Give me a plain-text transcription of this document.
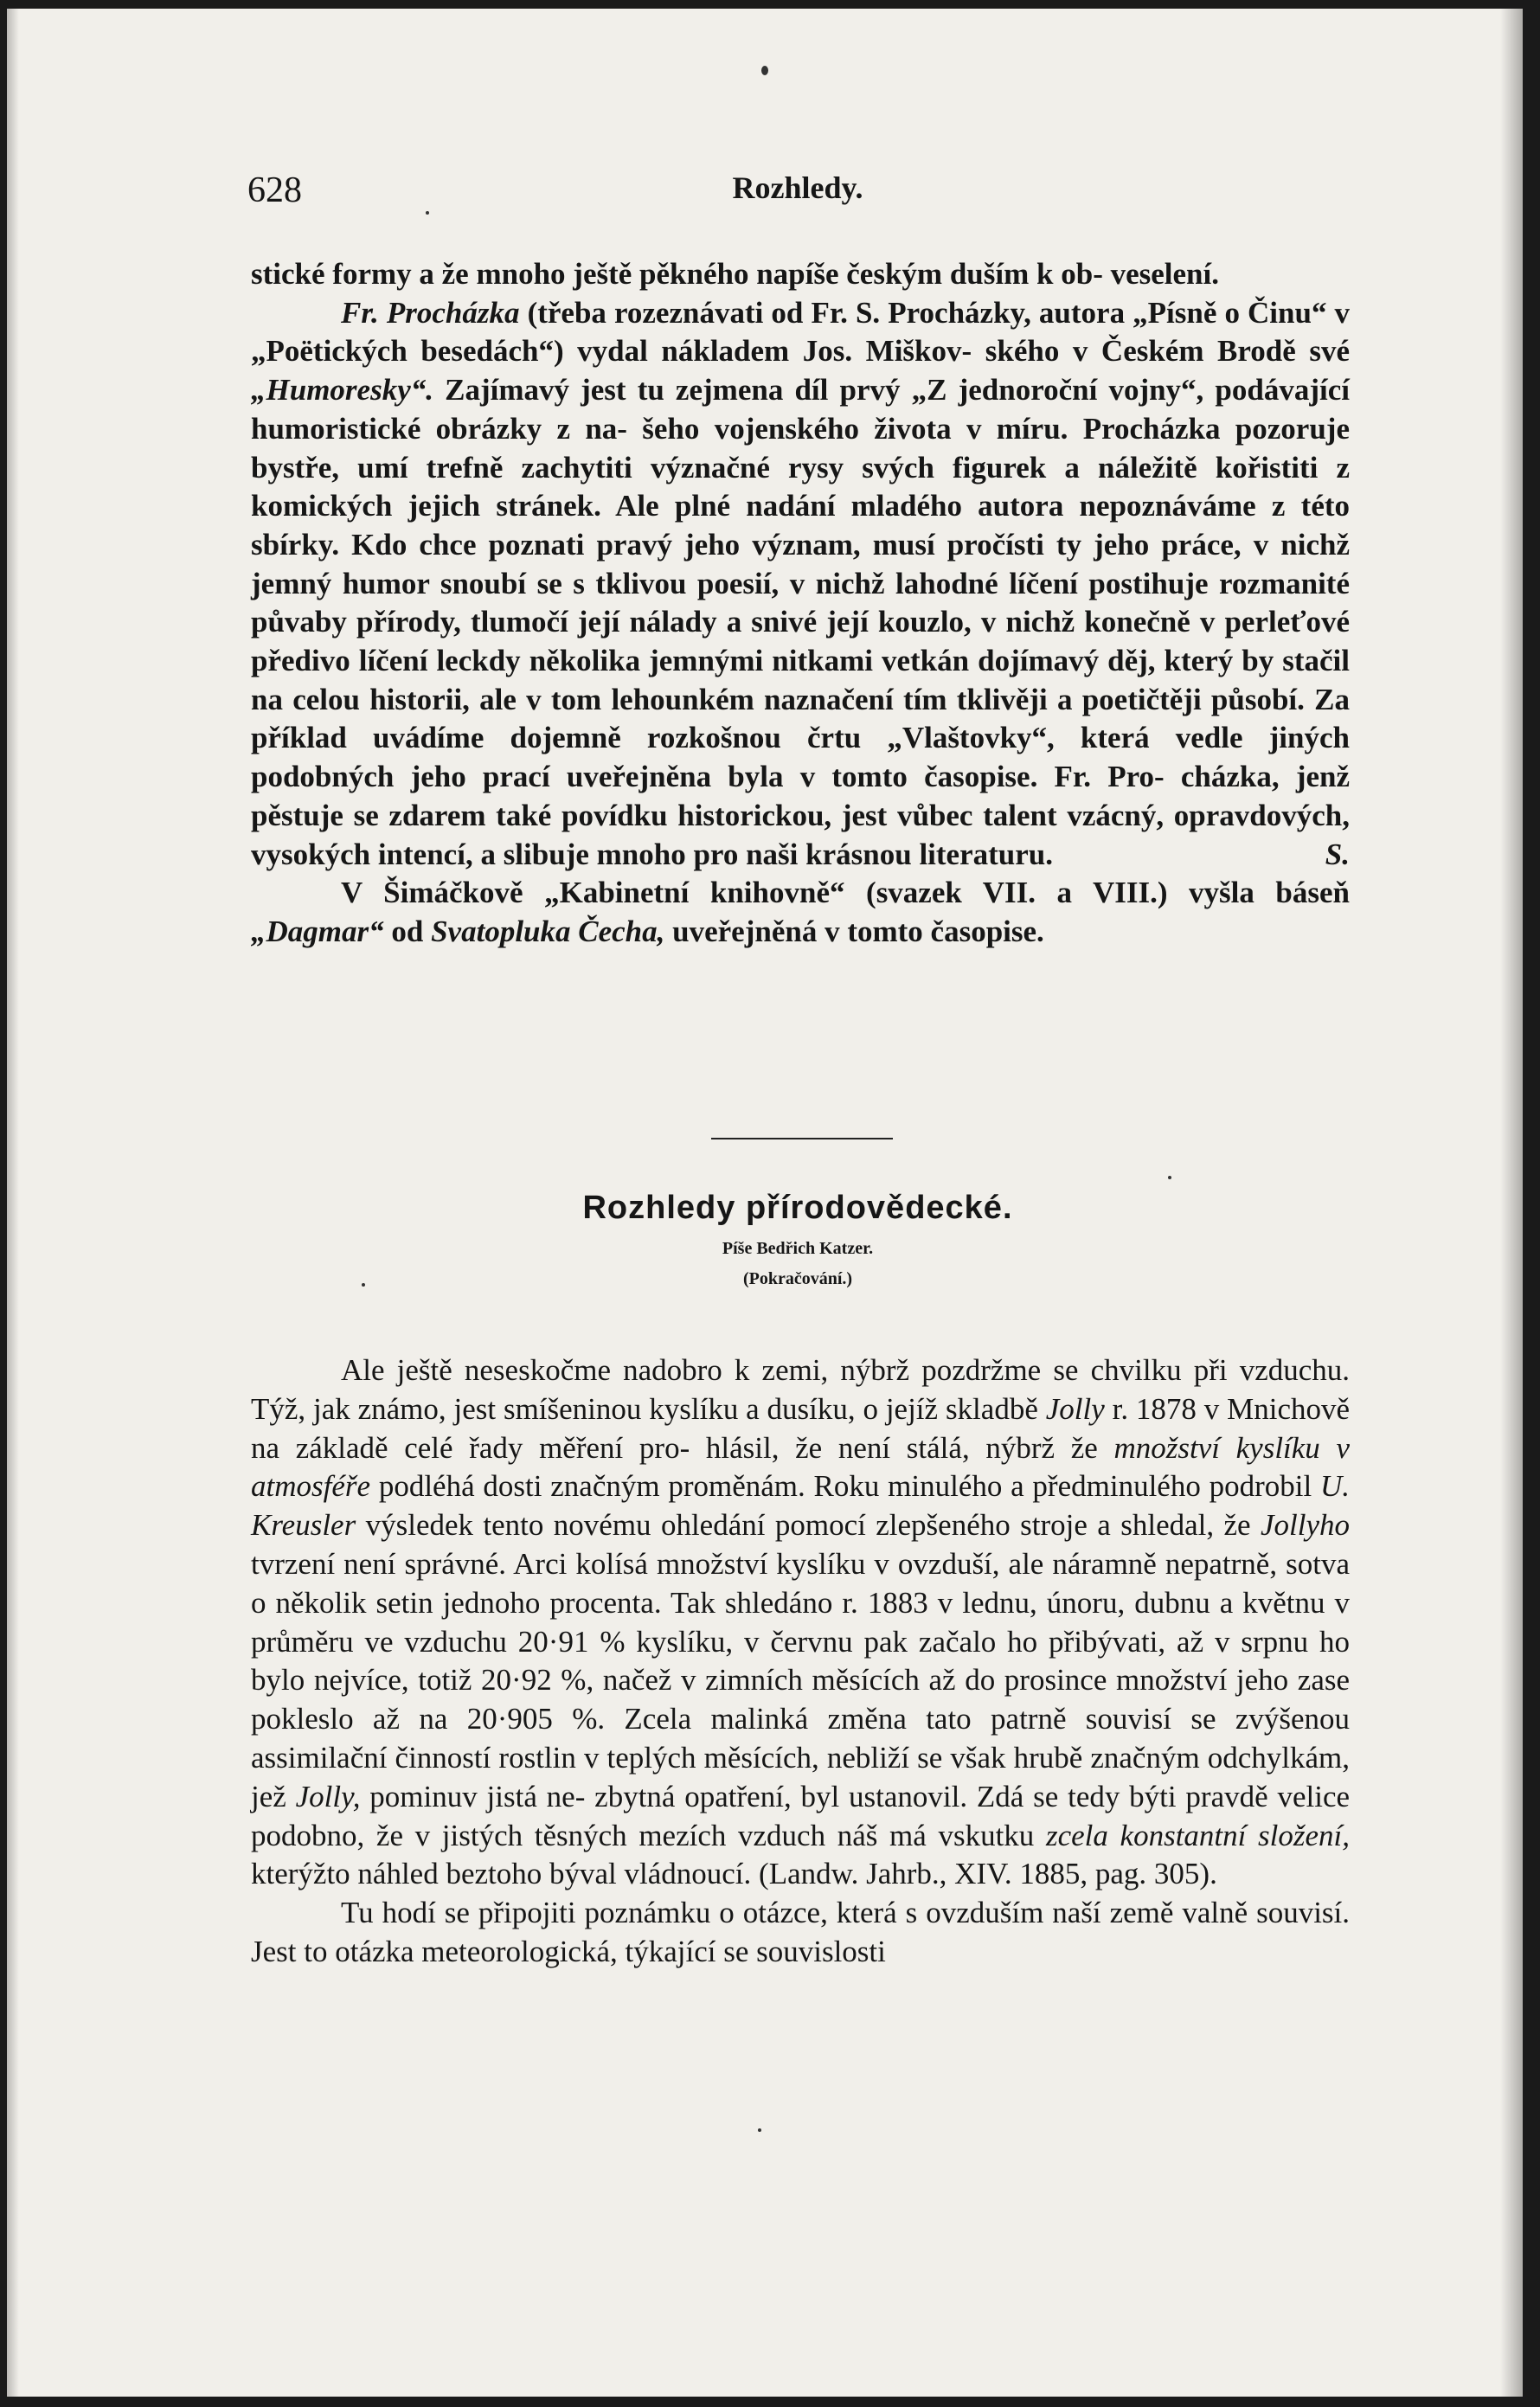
628	Rozhledy.

stické formy a že mnoho ještě pěkného napíše českým duším k ob- veselení.

Fr. Procházka (třeba rozeznávati od Fr. S. Procházky, autora „Písně o Činu“ v „Poëtických besedách“) vydal nákladem Jos. Miškov- ského v Českém Brodě své „Humoresky“. Zajímavý jest tu zejmena díl prvý „Z jednoroční vojny“, podávající humoristické obrázky z na- šeho vojenského života v míru. Procházka pozoruje bystře, umí trefně zachytiti význačné rysy svých figurek a náležitě kořistiti z komických jejich stránek. Ale plné nadání mladého autora nepoznáváme z této sbírky. Kdo chce poznati pravý jeho význam, musí pročísti ty jeho práce, v nichž jemný humor snoubí se s tklivou poesií, v nichž lahodné líčení postihuje rozmanité půvaby přírody, tlumočí její nálady a snivé její kouzlo, v nichž konečně v perleťové předivo líčení leckdy několika jemnými nitkami vetkán dojímavý děj, který by stačil na celou historii, ale v tom lehounkém naznačení tím tklivěji a poetičtěji působí. Za příklad uvádíme dojemně rozkošnou črtu „Vlaštovky“, která vedle jiných podobných jeho prací uveřejněna byla v tomto časopise. Fr. Pro- cházka, jenž pěstuje se zdarem také povídku historickou, jest vůbec talent vzácný, opravdových, vysokých intencí, a slibuje mnoho pro naši krásnou literaturu.	S.

V Šimáčkově „Kabinetní knihovně“ (svazek VII. a VIII.) vyšla báseň „Dagmar“ od Svatopluka Čecha, uveřejněná v tomto časopise.

Rozhledy přírodovědecké.
Píše Bedřich Katzer.
(Pokračování.)

Ale ještě neseskočme nadobro k zemi, nýbrž pozdržme se chvilku při vzduchu. Týž, jak známo, jest smíšeninou kyslíku a dusíku, o jejíž skladbě Jolly r. 1878 v Mnichově na základě celé řady měření pro- hlásil, že není stálá, nýbrž že množství kyslíku v atmosféře podléhá dosti značným proměnám. Roku minulého a předminulého podrobil U. Kreusler výsledek tento novému ohledání pomocí zlepšeného stroje a shledal, že Jollyho tvrzení není správné. Arci kolísá množství kyslíku v ovzduší, ale náramně nepatrně, sotva o několik setin jednoho procenta. Tak shledáno r. 1883 v lednu, únoru, dubnu a květnu v průměru ve vzduchu 20·91 % kyslíku, v červnu pak začalo ho přibývati, až v srpnu ho bylo nejvíce, totiž 20·92 %, načež v zimních měsících až do prosince množství jeho zase pokleslo až na 20·905 %. Zcela malinká změna tato patrně souvisí se zvýšenou assimilační činností rostlin v teplých měsících, nebliží se však hrubě značným odchylkám, jež Jolly, pominuv jistá ne- zbytná opatření, byl ustanovil. Zdá se tedy býti pravdě velice podobno, že v jistých těsných mezích vzduch náš má vskutku zcela konstantní složení, kterýžto náhled beztoho býval vládnoucí. (Landw. Jahrb., XIV. 1885, pag. 305).

Tu hodí se připojiti poznámku o otázce, která s ovzduším naší země valně souvisí. Jest to otázka meteorologická, týkající se souvislosti
